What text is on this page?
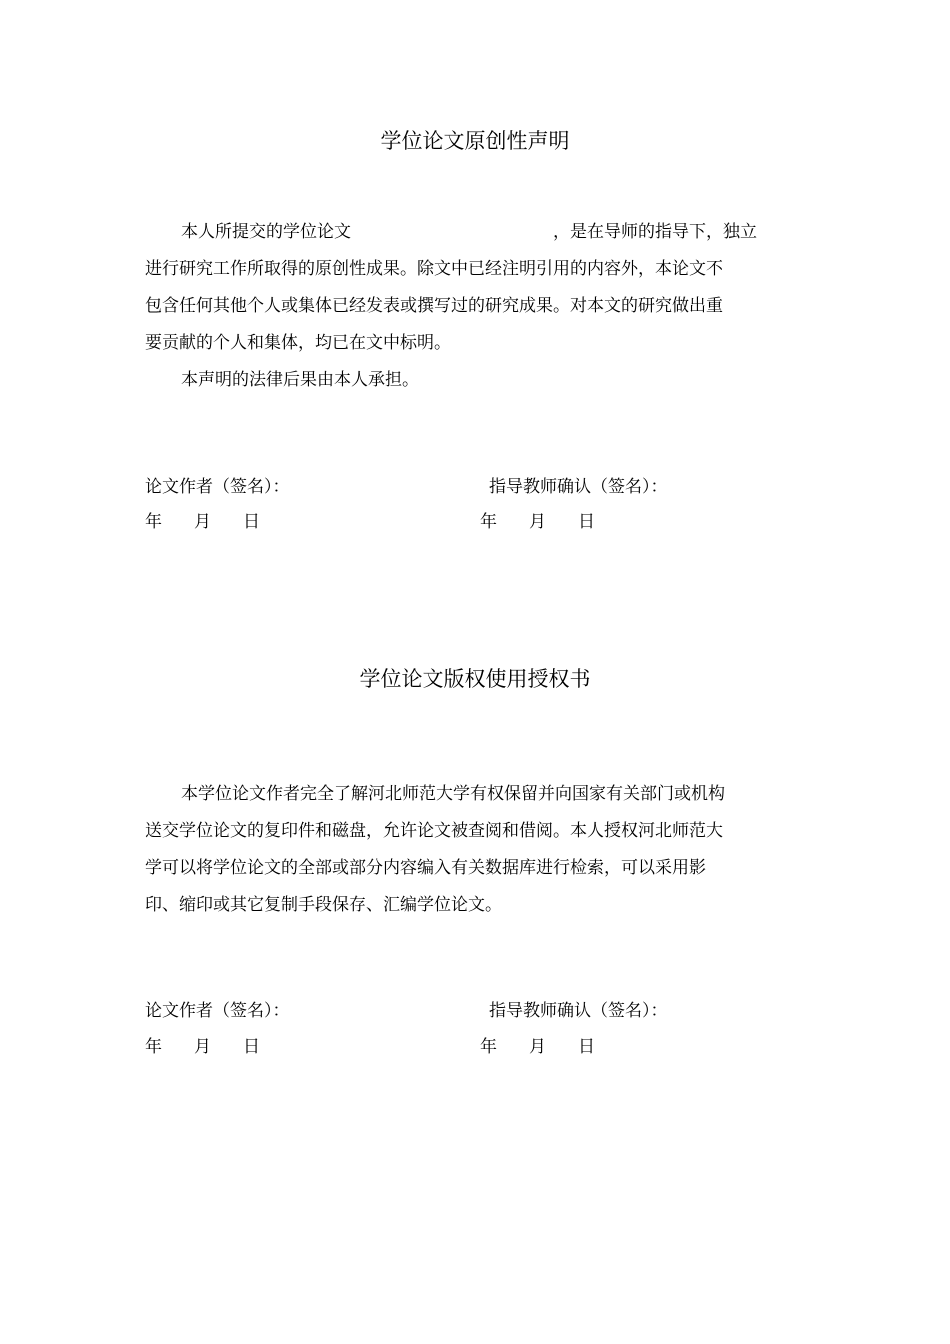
学位论文原创性声明
本人所提交的学位论文	，是在导师的指导下，独立
进行研究工作所取得的原创性成果。除文中已经注明引用的内容外，本论文不
包含任何其他个人或集体已经发表或撰写过的研究成果。对本文的研究做出重
要贡献的个人和集体，均已在文中标明。
本声明的法律后果由本人承担。
论文作者（签名）：	指导教师确认（签名）：
年	月	日	年	月	日
学位论文版权使用授权书
本学位论文作者完全了解河北师范大学有权保留并向国家有关部门或机构
送交学位论文的复印件和磁盘，允许论文被查阅和借阅。本人授权河北师范大
学可以将学位论文的全部或部分内容编入有关数据库进行检索，可以采用影
印、缩印或其它复制手段保存、汇编学位论文。
论文作者（签名）：	指导教师确认（签名）：
年	月	日	年	月	日
